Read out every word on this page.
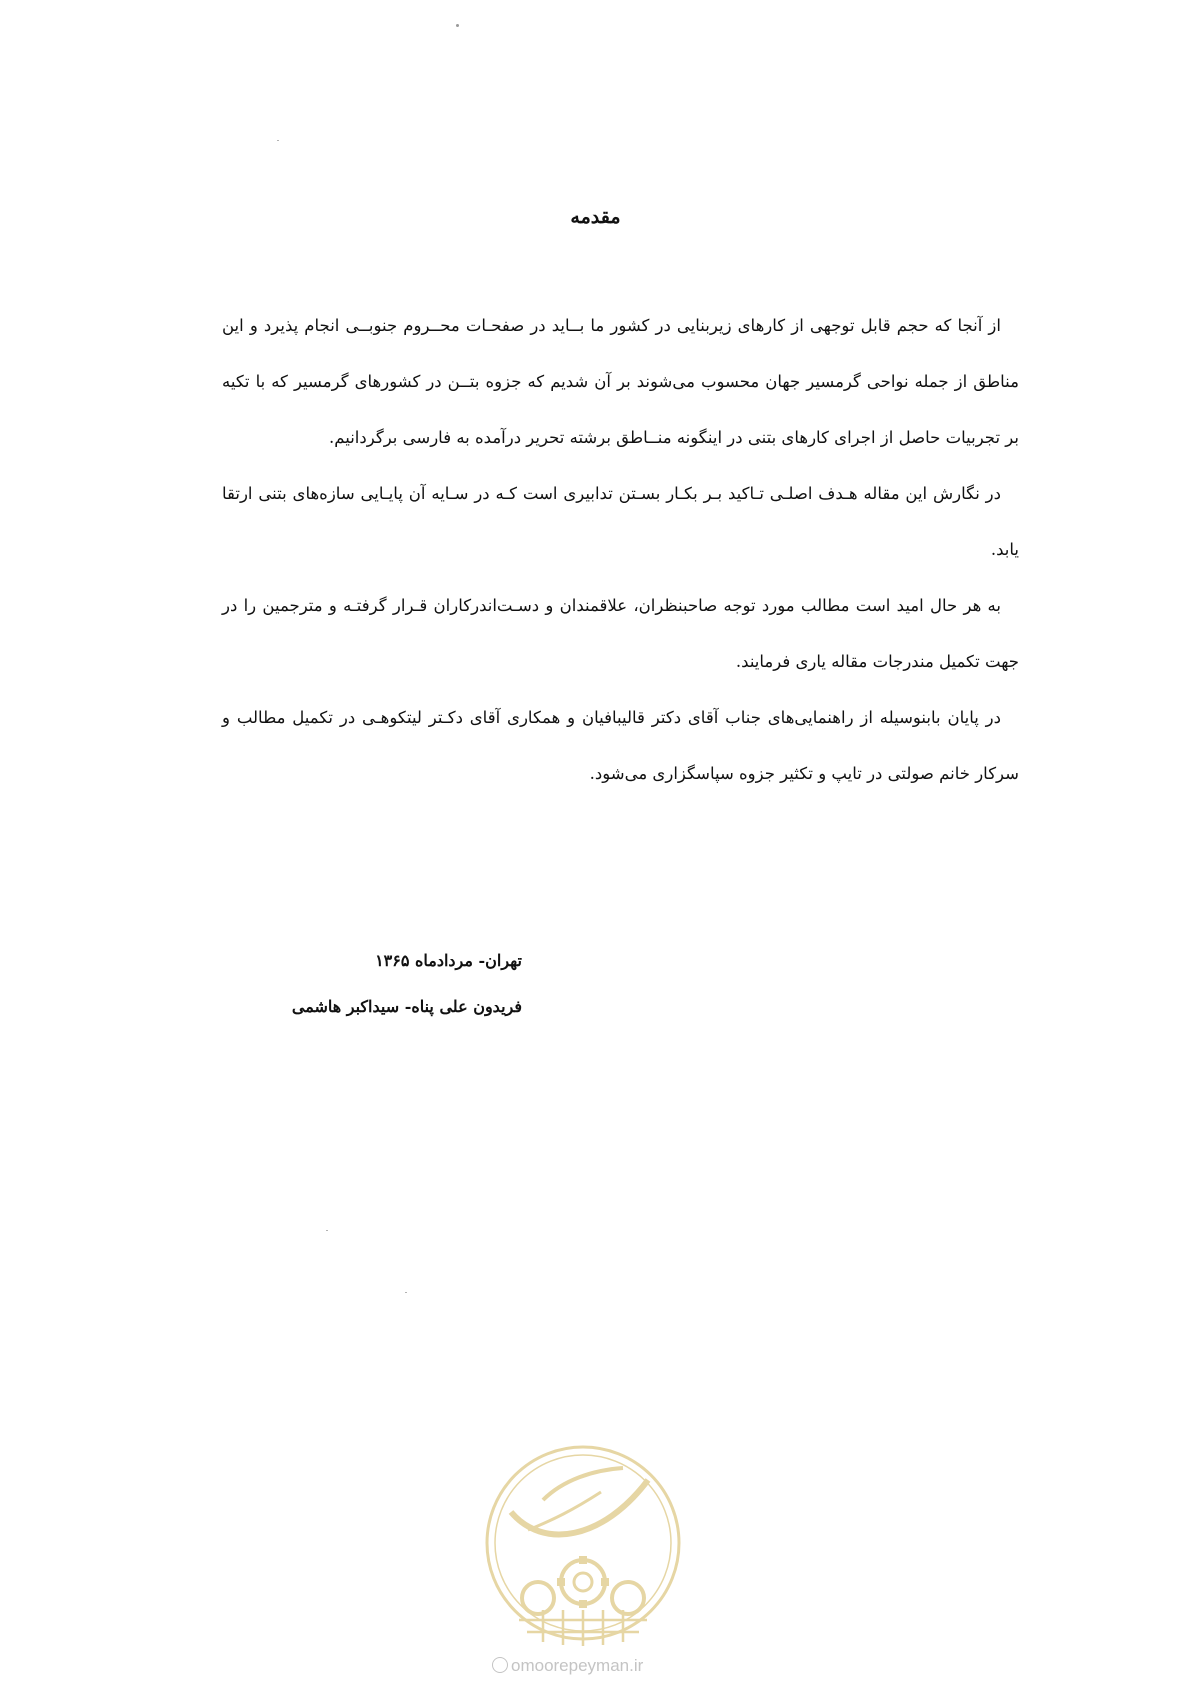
مقدمه

از آنجا که حجم قابل توجهی از کارهای زیربنایی در کشور ما بــاید در صفحـات محــروم جنوبــی انجام پذیرد و این مناطق از جمله نواحی گرمسیر جهان محسوب می‌شوند بر آن شدیم که جزوه بتــن در کشورهای گرمسیر که با تکیه بر تجربیات حاصل از اجرای کارهای بتنی در اینگونه منــاطق برشته تحریر درآمده به فارسی برگردانیم.

در نگارش این مقاله هـدف اصلـی تـاکید بـر بکـار بسـتن تدابیری است کـه در سـایه آن پایـایی سازه‌های بتنی ارتقا یابد.

به هر حال امید است مطالب مورد توجه صاحبنظران، علاقمندان و دسـت‌اندرکاران قـرار گرفتـه و مترجمین را در جهت تکمیل مندرجات مقاله یاری فرمایند.

در پایان بابنوسیله از راهنمایی‌های جناب آقای دکتر قالیبافیان و همکاری آقای دکـتر لیتکوهـی در تکمیل مطالب و سرکار خانم صولتی در تایپ و تکثیر جزوه سپاسگزاری می‌شود.

تهران- مردادماه ۱۳۶۵
فریدون علی پناه- سیداکبر هاشمی
omoorepeyman.ir
